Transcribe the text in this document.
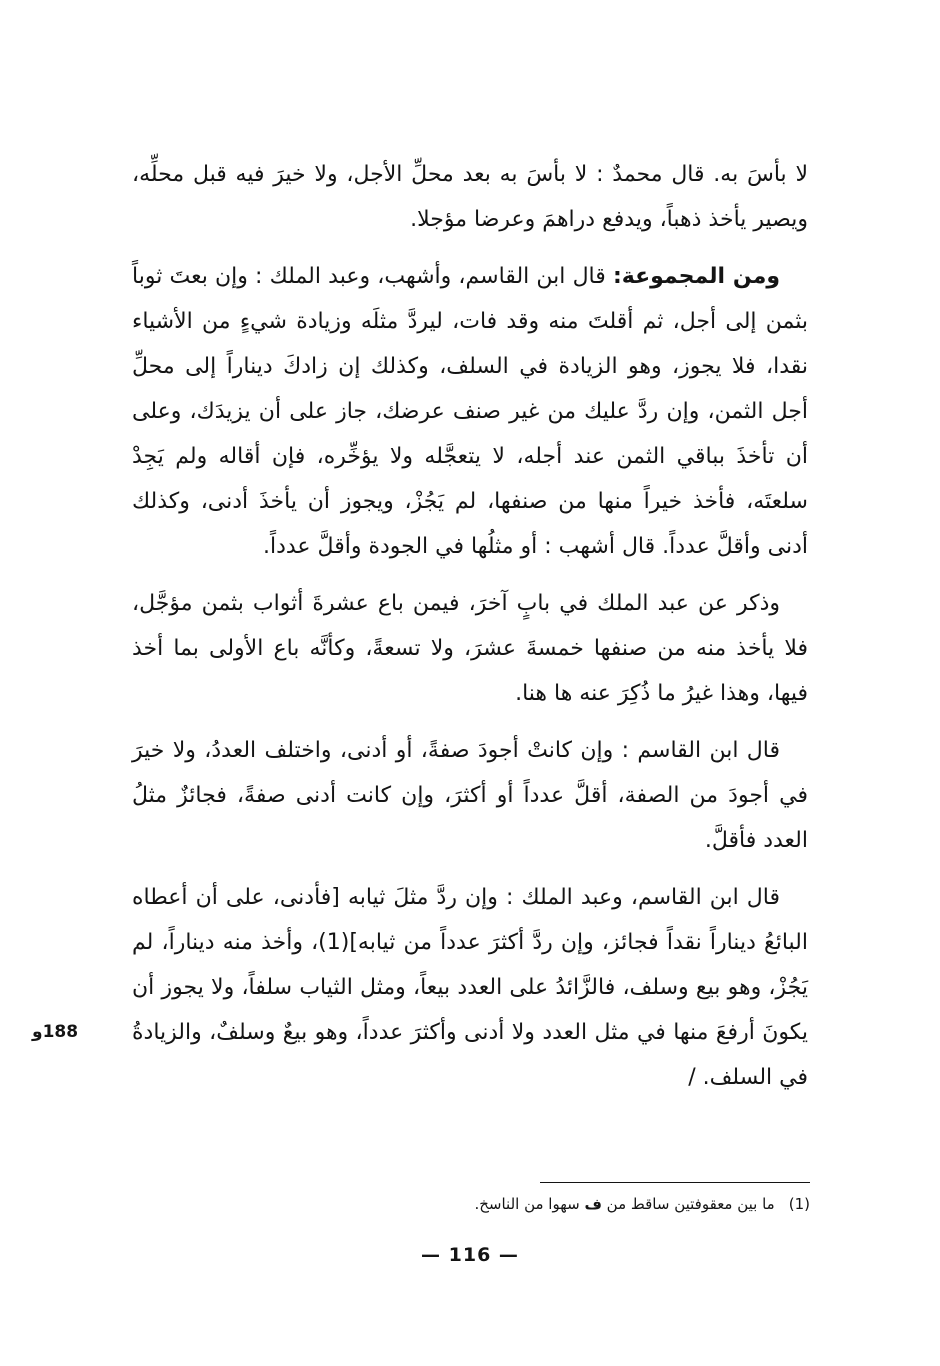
لا بأسَ به. قال محمدٌ : لا بأسَ به بعد محلِّ الأجل، ولا خيرَ فيه قبل محلِّه، ويصير يأخذ ذهباً، ويدفع دراهمَ وعرضا مؤجلا.

ومن المجموعة: قال ابن القاسم، وأشهب، وعبد الملك : وإن بعتَ ثوباً بثمن إلى أجل، ثم أقلتَ منه وقد فات، ليردَّ مثلَه وزيادة شيءٍ من الأشياء نقدا، فلا يجوز، وهو الزيادة في السلف، وكذلك إن زادكَ ديناراً إلى محلِّ أجل الثمن، وإن ردَّ عليك من غير صنف عرضك، جاز على أن يزيدَك، وعلى أن تأخذَ بباقي الثمن عند أجله، لا يتعجَّله ولا يؤخِّره، فإن أقاله ولم يَجِدْ سلعتَه، فأخذ خيراً منها من صنفها، لم يَجُزْ، ويجوز أن يأخذَ أدنى، وكذلك أدنى وأقلَّ عدداً. قال أشهب : أو مثلُها في الجودة وأقلَّ عدداً.

وذكر عن عبد الملك في بابٍ آخرَ، فيمن باع عشرةَ أثواب بثمن مؤجَّل، فلا يأخذ منه من صنفها خمسةَ عشرَ، ولا تسعةً، وكأنَّه باع الأولى بما أخذ فيها، وهذا غيرُ ما ذُكِرَ عنه ها هنا.

قال ابن القاسم : وإن كانتْ أجودَ صفةً، أو أدنى، واختلف العددُ، ولا خيرَ في أجودَ من الصفة، أقلَّ عدداً أو أكثرَ، وإن كانت أدنى صفةً، فجائزٌ مثلُ العدد فأقلَّ.

قال ابن القاسم، وعبد الملك : وإن ردَّ مثلَ ثيابه [فأدنى، على أن أعطاه البائعُ ديناراً نقداً فجائز، وإن ردَّ أكثرَ عدداً من ثيابه](1)، وأخذ منه ديناراً، لم يَجُزْ، وهو بيع وسلف، فالزَّائدُ على العدد بيعاً، ومثل الثياب سلفاً، ولا يجوز أن يكونَ أرفعَ منها في مثل العدد ولا أدنى وأكثرَ عدداً، وهو بيعٌ وسلفٌ، والزيادةُ في السلف. /

188و
(1)ما بين معقوفتين ساقط من ف سهوا من الناسخ.
— 116 —
